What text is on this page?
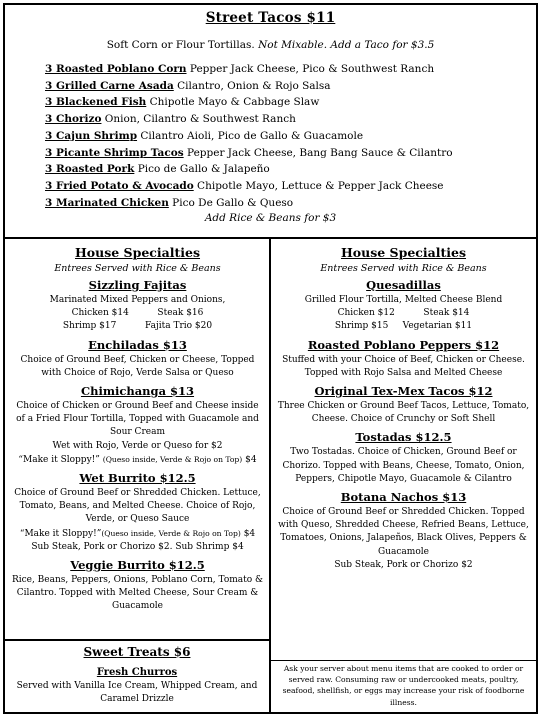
Street Tacos $11
Soft Corn or Flour Tortillas. Not Mixable. Add a Taco for $3.5
3 Roasted Poblano Corn Pepper Jack Cheese, Pico & Southwest Ranch
3 Grilled Carne Asada Cilantro, Onion & Rojo Salsa
3 Blackened Fish Chipotle Mayo & Cabbage Slaw
3 Chorizo Onion, Cilantro & Southwest Ranch
3 Cajun Shrimp Cilantro Aioli, Pico de Gallo & Guacamole
3 Picante Shrimp Tacos Pepper Jack Cheese, Bang Bang Sauce & Cilantro
3 Roasted Pork Pico de Gallo & Jalapeño
3 Fried Potato & Avocado Chipotle Mayo, Lettuce & Pepper Jack Cheese
3 Marinated Chicken Pico De Gallo & Queso
Add Rice & Beans for $3
House Specialties
Entrees Served with Rice & Beans
Sizzling Fajitas

Marinated Mixed Peppers and Onions,

Chicken $14          Steak $16

Shrimp $17          Fajita Trio $20

Enchiladas $13

Choice of Ground Beef, Chicken or Cheese, Topped with Choice of Rojo, Verde Salsa or Queso

Chimichanga $13

Choice of Chicken or Ground Beef and Cheese inside of a Fried Flour Tortilla, Topped with Guacamole and Sour Cream

Wet with Rojo, Verde or Queso for $2

“Make it Sloppy!” (Queso inside, Verde & Rojo on Top) $4

Wet Burrito $12.5

Choice of Ground Beef or Shredded Chicken. Lettuce, Tomato, Beans, and Melted Cheese. Choice of Rojo, Verde, or Queso Sauce

“Make it Sloppy!”(Queso inside, Verde & Rojo on Top) $4

Sub Steak, Pork or Chorizo $2. Sub Shrimp $4

Veggie Burrito $12.5

Rice, Beans, Peppers, Onions, Poblano Corn, Tomato & Cilantro. Topped with Melted Cheese, Sour Cream & Guacamole

House Specialties
Entrees Served with Rice & Beans
Quesadillas

Grilled Flour Tortilla, Melted Cheese Blend

Chicken $12          Steak $14

Shrimp $15     Vegetarian $11

Roasted Poblano Peppers $12

Stuffed with your Choice of Beef, Chicken or Cheese. Topped with Rojo Salsa and Melted Cheese

Original Tex-Mex Tacos $12

Three Chicken or Ground Beef Tacos, Lettuce, Tomato, Cheese. Choice of Crunchy or Soft Shell

Tostadas $12.5

Two Tostadas. Choice of Chicken, Ground Beef or Chorizo. Topped with Beans, Cheese, Tomato, Onion, Peppers, Chipotle Mayo, Guacamole & Cilantro

Botana Nachos $13

Choice of Ground Beef or Shredded Chicken. Topped with Queso, Shredded Cheese, Refried Beans, Lettuce, Tomatoes, Onions, Jalapeños, Black Olives, Peppers & Guacamole

Sub Steak, Pork or Chorizo $2

Sweet Treats $6
Fresh Churros

Served with Vanilla Ice Cream, Whipped Cream, and Caramel Drizzle

Ask your server about menu items that are cooked to order or served raw. Consuming raw or undercooked meats, poultry, seafood, shellfish, or eggs may increase your risk of foodborne illness.
